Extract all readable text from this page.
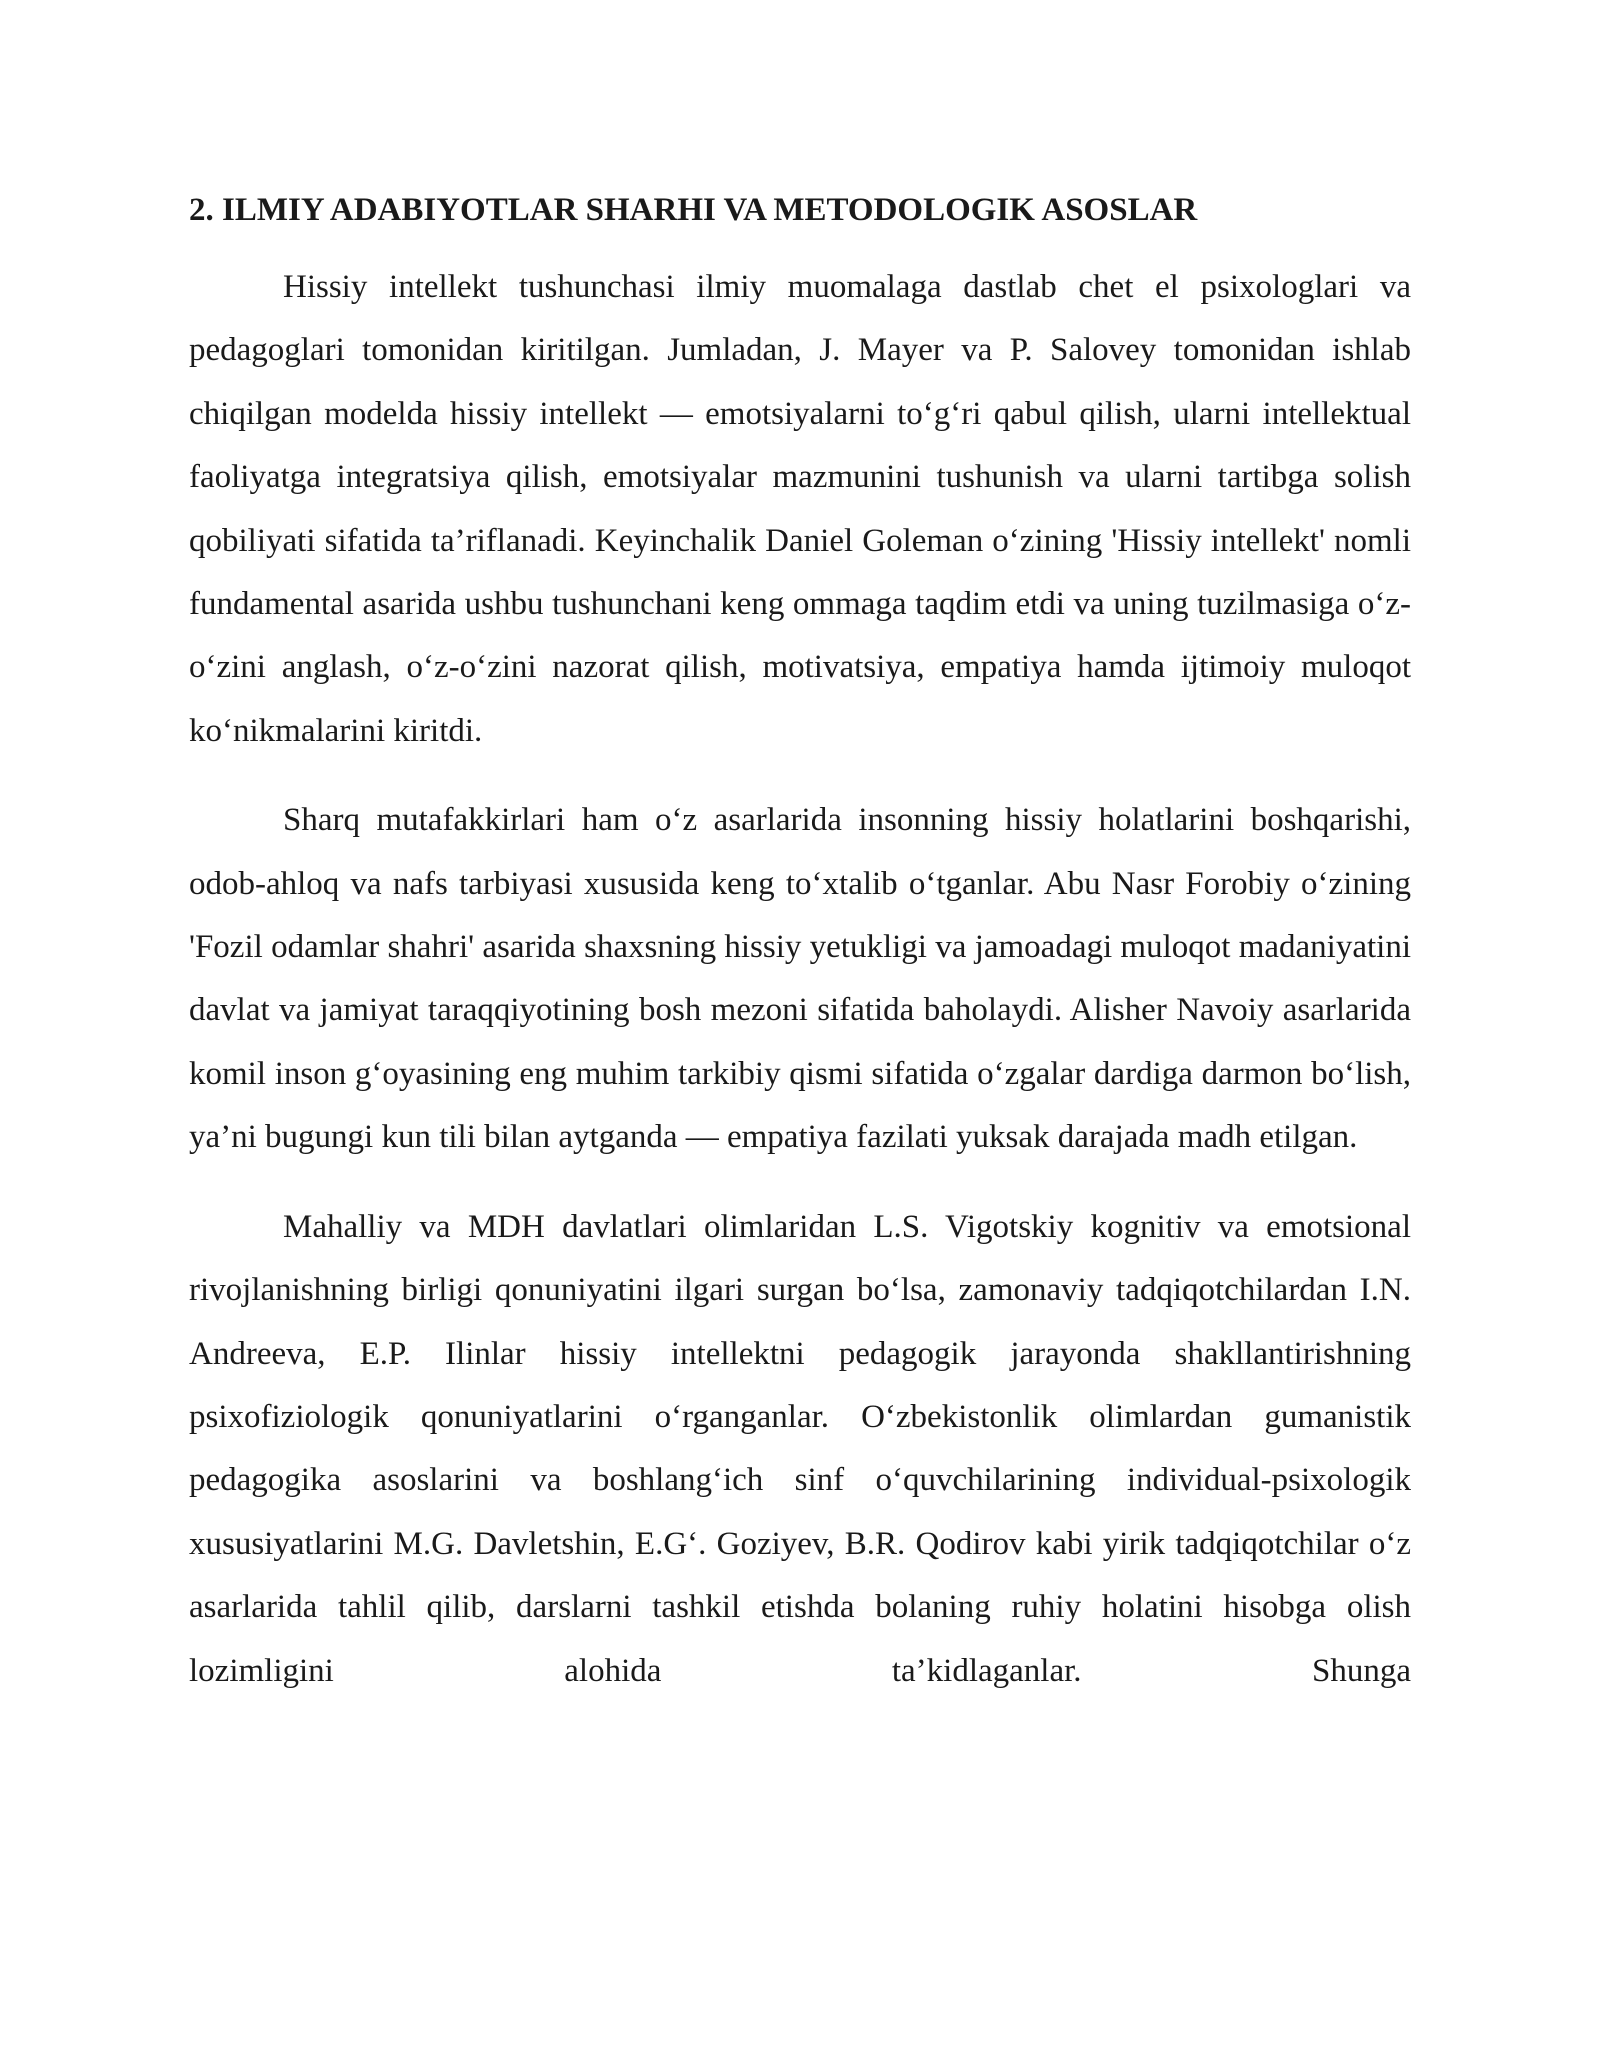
2. ILMIY ADABIYOTLAR SHARHI VA METODOLOGIK ASOSLAR

Hissiy intellekt tushunchasi ilmiy muomalaga dastlab chet el psixologlari va pedagoglari tomonidan kiritilgan. Jumladan, J. Mayer va P. Salovey tomonidan ishlab chiqilgan modelda hissiy intellekt — emotsiyalarni to‘g‘ri qabul qilish, ularni intellektual faoliyatga integratsiya qilish, emotsiyalar mazmunini tushunish va ularni tartibga solish qobiliyati sifatida ta’riflanadi. Keyinchalik Daniel Goleman o‘zining 'Hissiy intellekt' nomli fundamental asarida ushbu tushunchani keng ommaga taqdim etdi va uning tuzilmasiga o‘z-o‘zini anglash, o‘z-o‘zini nazorat qilish, motivatsiya, empatiya hamda ijtimoiy muloqot ko‘nikmalarini kiritdi.

Sharq mutafakkirlari ham o‘z asarlarida insonning hissiy holatlarini boshqarishi, odob-ahloq va nafs tarbiyasi xususida keng to‘xtalib o‘tganlar. Abu Nasr Forobiy o‘zining 'Fozil odamlar shahri' asarida shaxsning hissiy yetukligi va jamoadagi muloqot madaniyatini davlat va jamiyat taraqqiyotining bosh mezoni sifatida baholaydi. Alisher Navoiy asarlarida komil inson g‘oyasining eng muhim tarkibiy qismi sifatida o‘zgalar dardiga darmon bo‘lish, ya’ni bugungi kun tili bilan aytganda — empatiya fazilati yuksak darajada madh etilgan.

Mahalliy va MDH davlatlari olimlaridan L.S. Vigotskiy kognitiv va emotsional rivojlanishning birligi qonuniyatini ilgari surgan bo‘lsa, zamonaviy tadqiqotchilardan I.N. Andreeva, E.P. Ilinlar hissiy intellektni pedagogik jarayonda shakllantirishning psixofiziologik qonuniyatlarini o‘rganganlar. O‘zbekistonlik olimlardan gumanistik pedagogika asoslarini va boshlang‘ich sinf o‘quvchilarining individual-psixologik xususiyatlarini M.G. Davletshin, E.G‘. Goziyev, B.R. Qodirov kabi yirik tadqiqotchilar o‘z asarlarida tahlil qilib, darslarni tashkil etishda bolaning ruhiy holatini hisobga olish lozimligini alohida ta’kidlaganlar. Shunga
